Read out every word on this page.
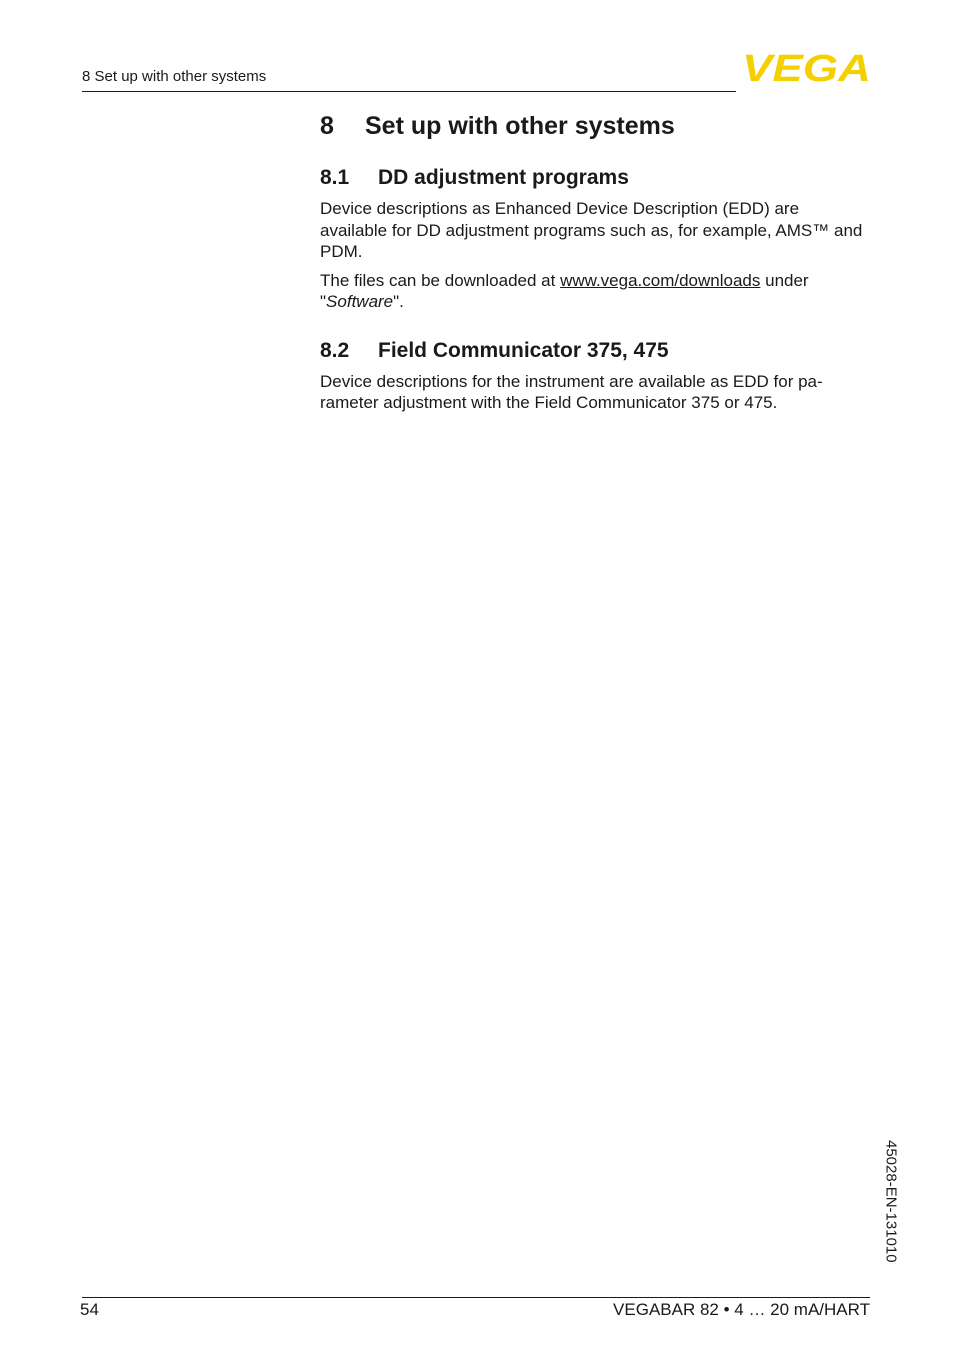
8 Set up with other systems	VEGA
8	Set up with other systems
8.1	DD adjustment programs

Device descriptions as Enhanced Device Description (EDD) are available for DD adjustment programs such as, for example, AMS™ and PDM.

The files can be downloaded at www.vega.com/downloads under "Software".

8.2	Field Communicator 375, 475

Device descriptions for the instrument are available as EDD for pa-rameter adjustment with the Field Communicator 375 or 475.

45028-EN-131010
54	VEGABAR 82 • 4 … 20 mA/HART
